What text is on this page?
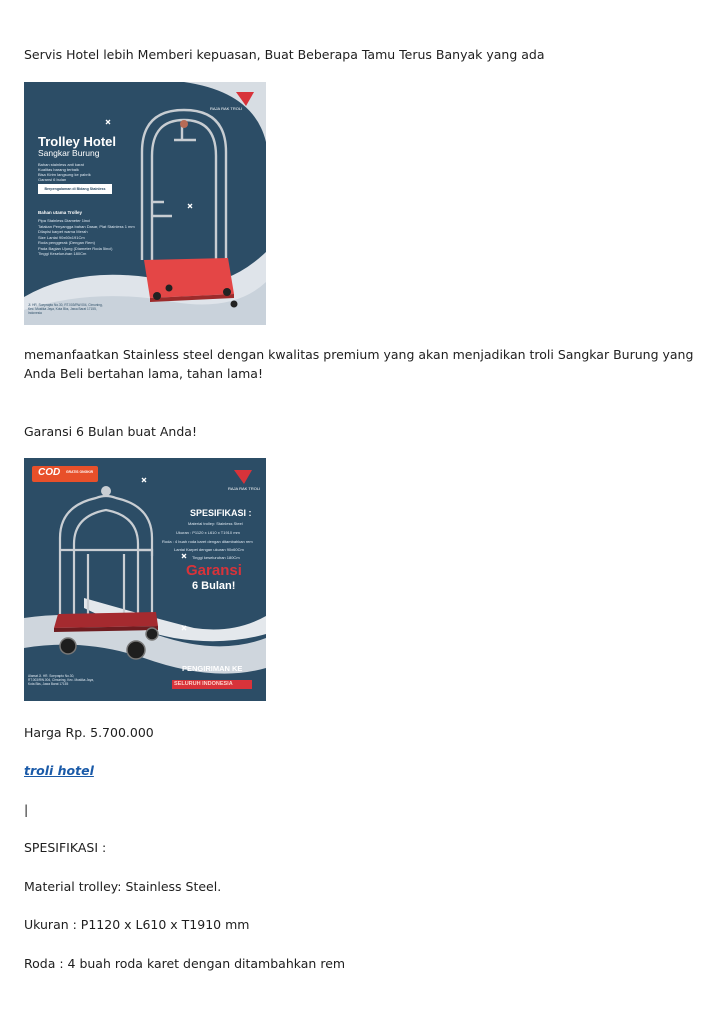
Servis Hotel lebih Memberi kepuasan, Buat Beberapa Tamu Terus Banyak yang ada

RAJA RAK TROLI
Trolley Hotel
Sangkar Burung
Bahan stainless anti karat
Kualitas barang terbaik
Bisa Kirim langsung ke pabrik
Garansi 6 bulan
Berpengalaman di Bidang Stainless
Bahan utama Trolley
Pipa Stainless Diameter 1inci
Tatakan Penyangga bahan Dasar, Plat Stainless 1 mm
Dilapisi karpet warna Merah
Size Lantai 90x60x191Cm
Roda penggerak (Dengan Rem)
Pada Bagian Ujung (Diameter Roda 5inci)
Tinggi Keseluruhan 180Cm
Jl. HR. Soeprapto No.30, RT.003/RW.004, Cimuning, Kec. Mustika Jaya, Kota Bks, Jawa Barat 17155, Indonesia

memanfaatkan Stainless steel dengan kwalitas premium yang akan menjadikan troli Sangkar Burung yang Anda Beli bertahan lama, tahan lama!

Garansi 6 Bulan buat Anda!

COD GRATIS ONGKIR
RAJA RAK TROLI
SPESIFIKASI :
Material trolley: Stainless Steel
Ukuran : P1120 x L610 x T1910 mm
Roda : 4 buah roda karet dengan ditambahkan rem
Lantai Karpet dengan ukuran 90x60Cm
Tinggi keseluruhan 180Cm
Garansi
6 Bulan!
PENGIRIMAN KE
SELURUH INDONESIA
Alamat Jl. HR. Soeprapto No.30, RT.003/RW.004, Cimuning, Kec. Mustika Jaya, Kota Bks, Jawa Barat 17155

Harga Rp. 5.700.000

troli hotel

|

SPESIFIKASI :

Material trolley: Stainless Steel.

Ukuran : P1120 x L610 x T1910 mm

Roda : 4 buah roda karet dengan ditambahkan rem
